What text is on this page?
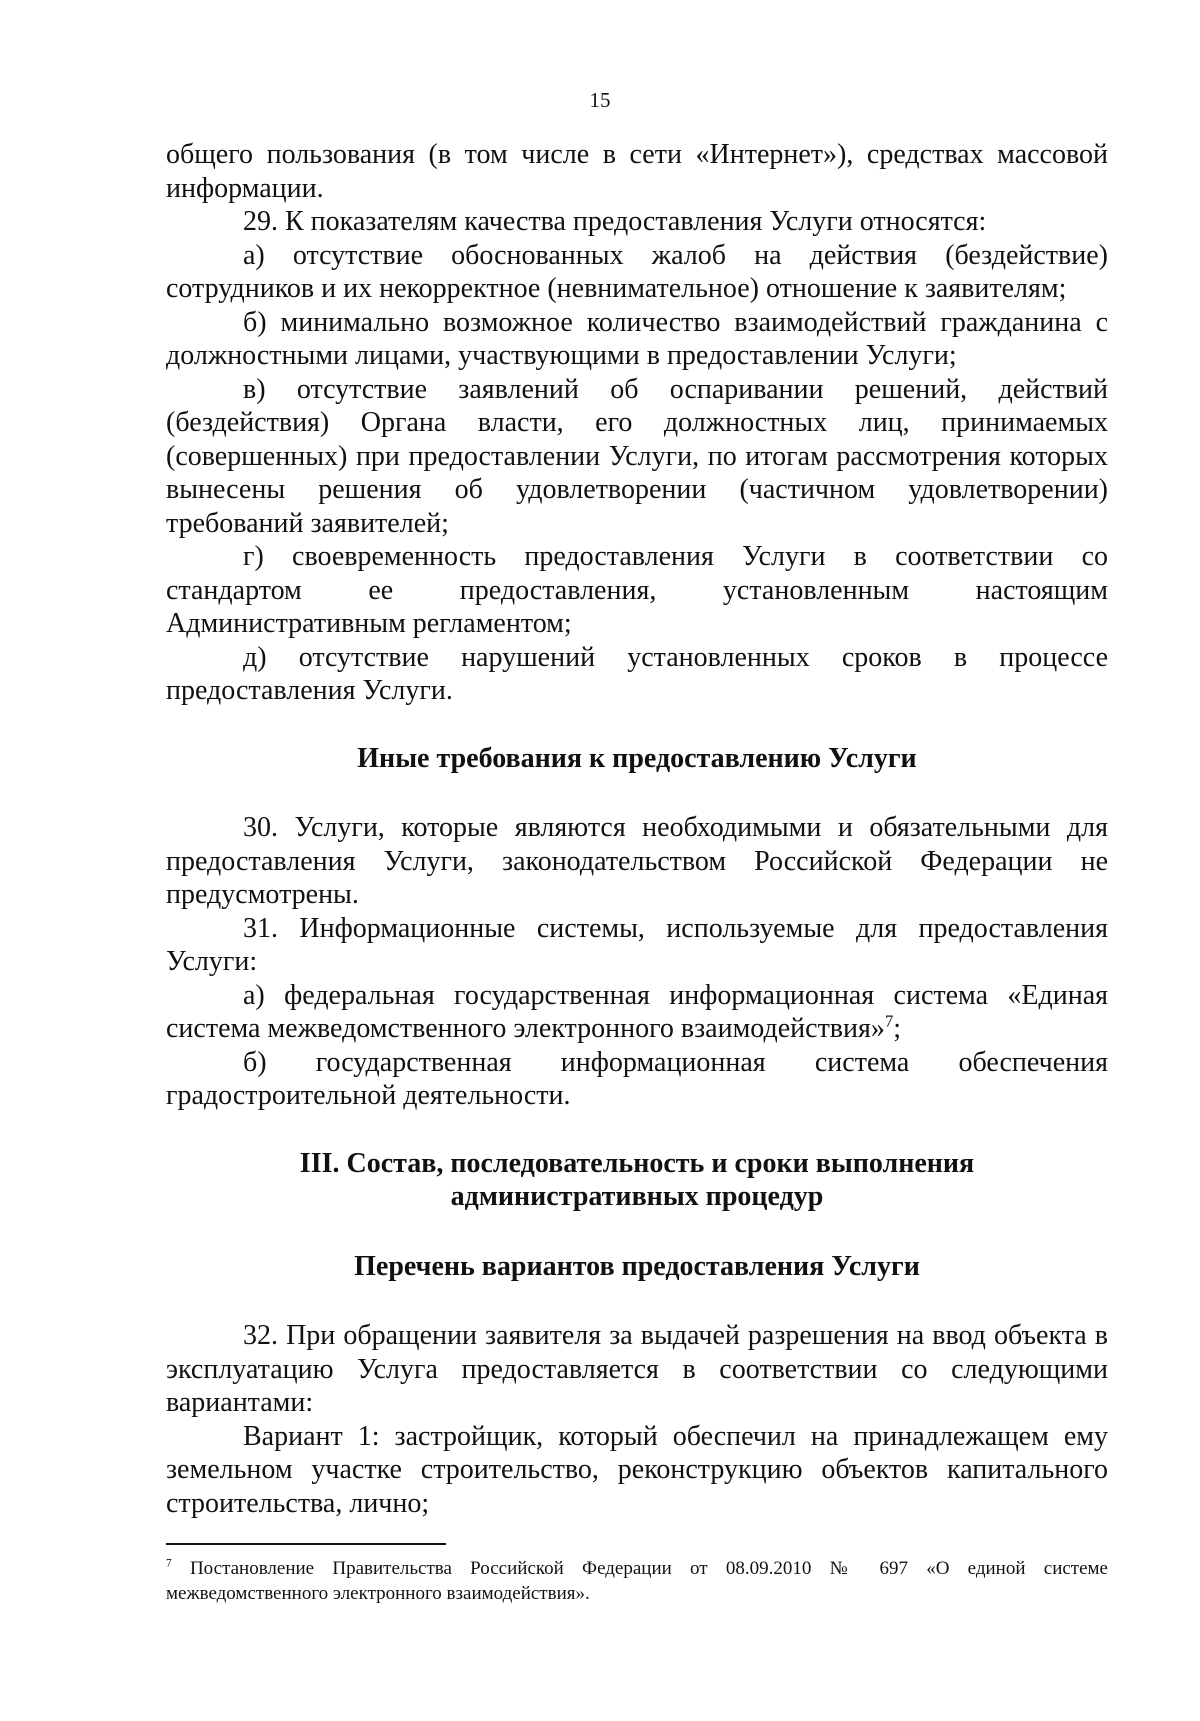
15

общего пользования (в том числе в сети «Интернет»), средствах массовой информации.

29. К показателям качества предоставления Услуги относятся:

а) отсутствие обоснованных жалоб на действия (бездействие) сотрудников и их некорректное (невнимательное) отношение к заявителям;

б) минимально возможное количество взаимодействий гражданина с должностными лицами, участвующими в предоставлении Услуги;

в) отсутствие заявлений об оспаривании решений, действий (бездействия) Органа власти, его должностных лиц, принимаемых (совершенных) при предоставлении Услуги, по итогам рассмотрения которых вынесены решения об удовлетворении (частичном удовлетворении) требований заявителей;

г) своевременность предоставления Услуги в соответствии со стандартом ее предоставления, установленным настоящим Административным регламентом;

д) отсутствие нарушений установленных сроков в процессе предоставления Услуги.

Иные требования к предоставлению Услуги

30. Услуги, которые являются необходимыми и обязательными для предоставления Услуги, законодательством Российской Федерации не предусмотрены.

31. Информационные системы, используемые для предоставления Услуги:

а) федеральная государственная информационная система «Единая система межведомственного электронного взаимодействия»$^7$;

б) государственная информационная система обеспечения градостроительной деятельности.

III. Состав, последовательность и сроки выполнения
административных процедур
Перечень вариантов предоставления Услуги

32. При обращении заявителя за выдачей разрешения на ввод объекта в эксплуатацию Услуга предоставляется в соответствии со следующими вариантами:

Вариант 1: застройщик, который обеспечил на принадлежащем ему земельном участке строительство, реконструкцию объектов капитального строительства, лично;

$^7$ Постановление Правительства Российской Федерации от 08.09.2010 № 697 «О единой системе межведомственного электронного взаимодействия».
